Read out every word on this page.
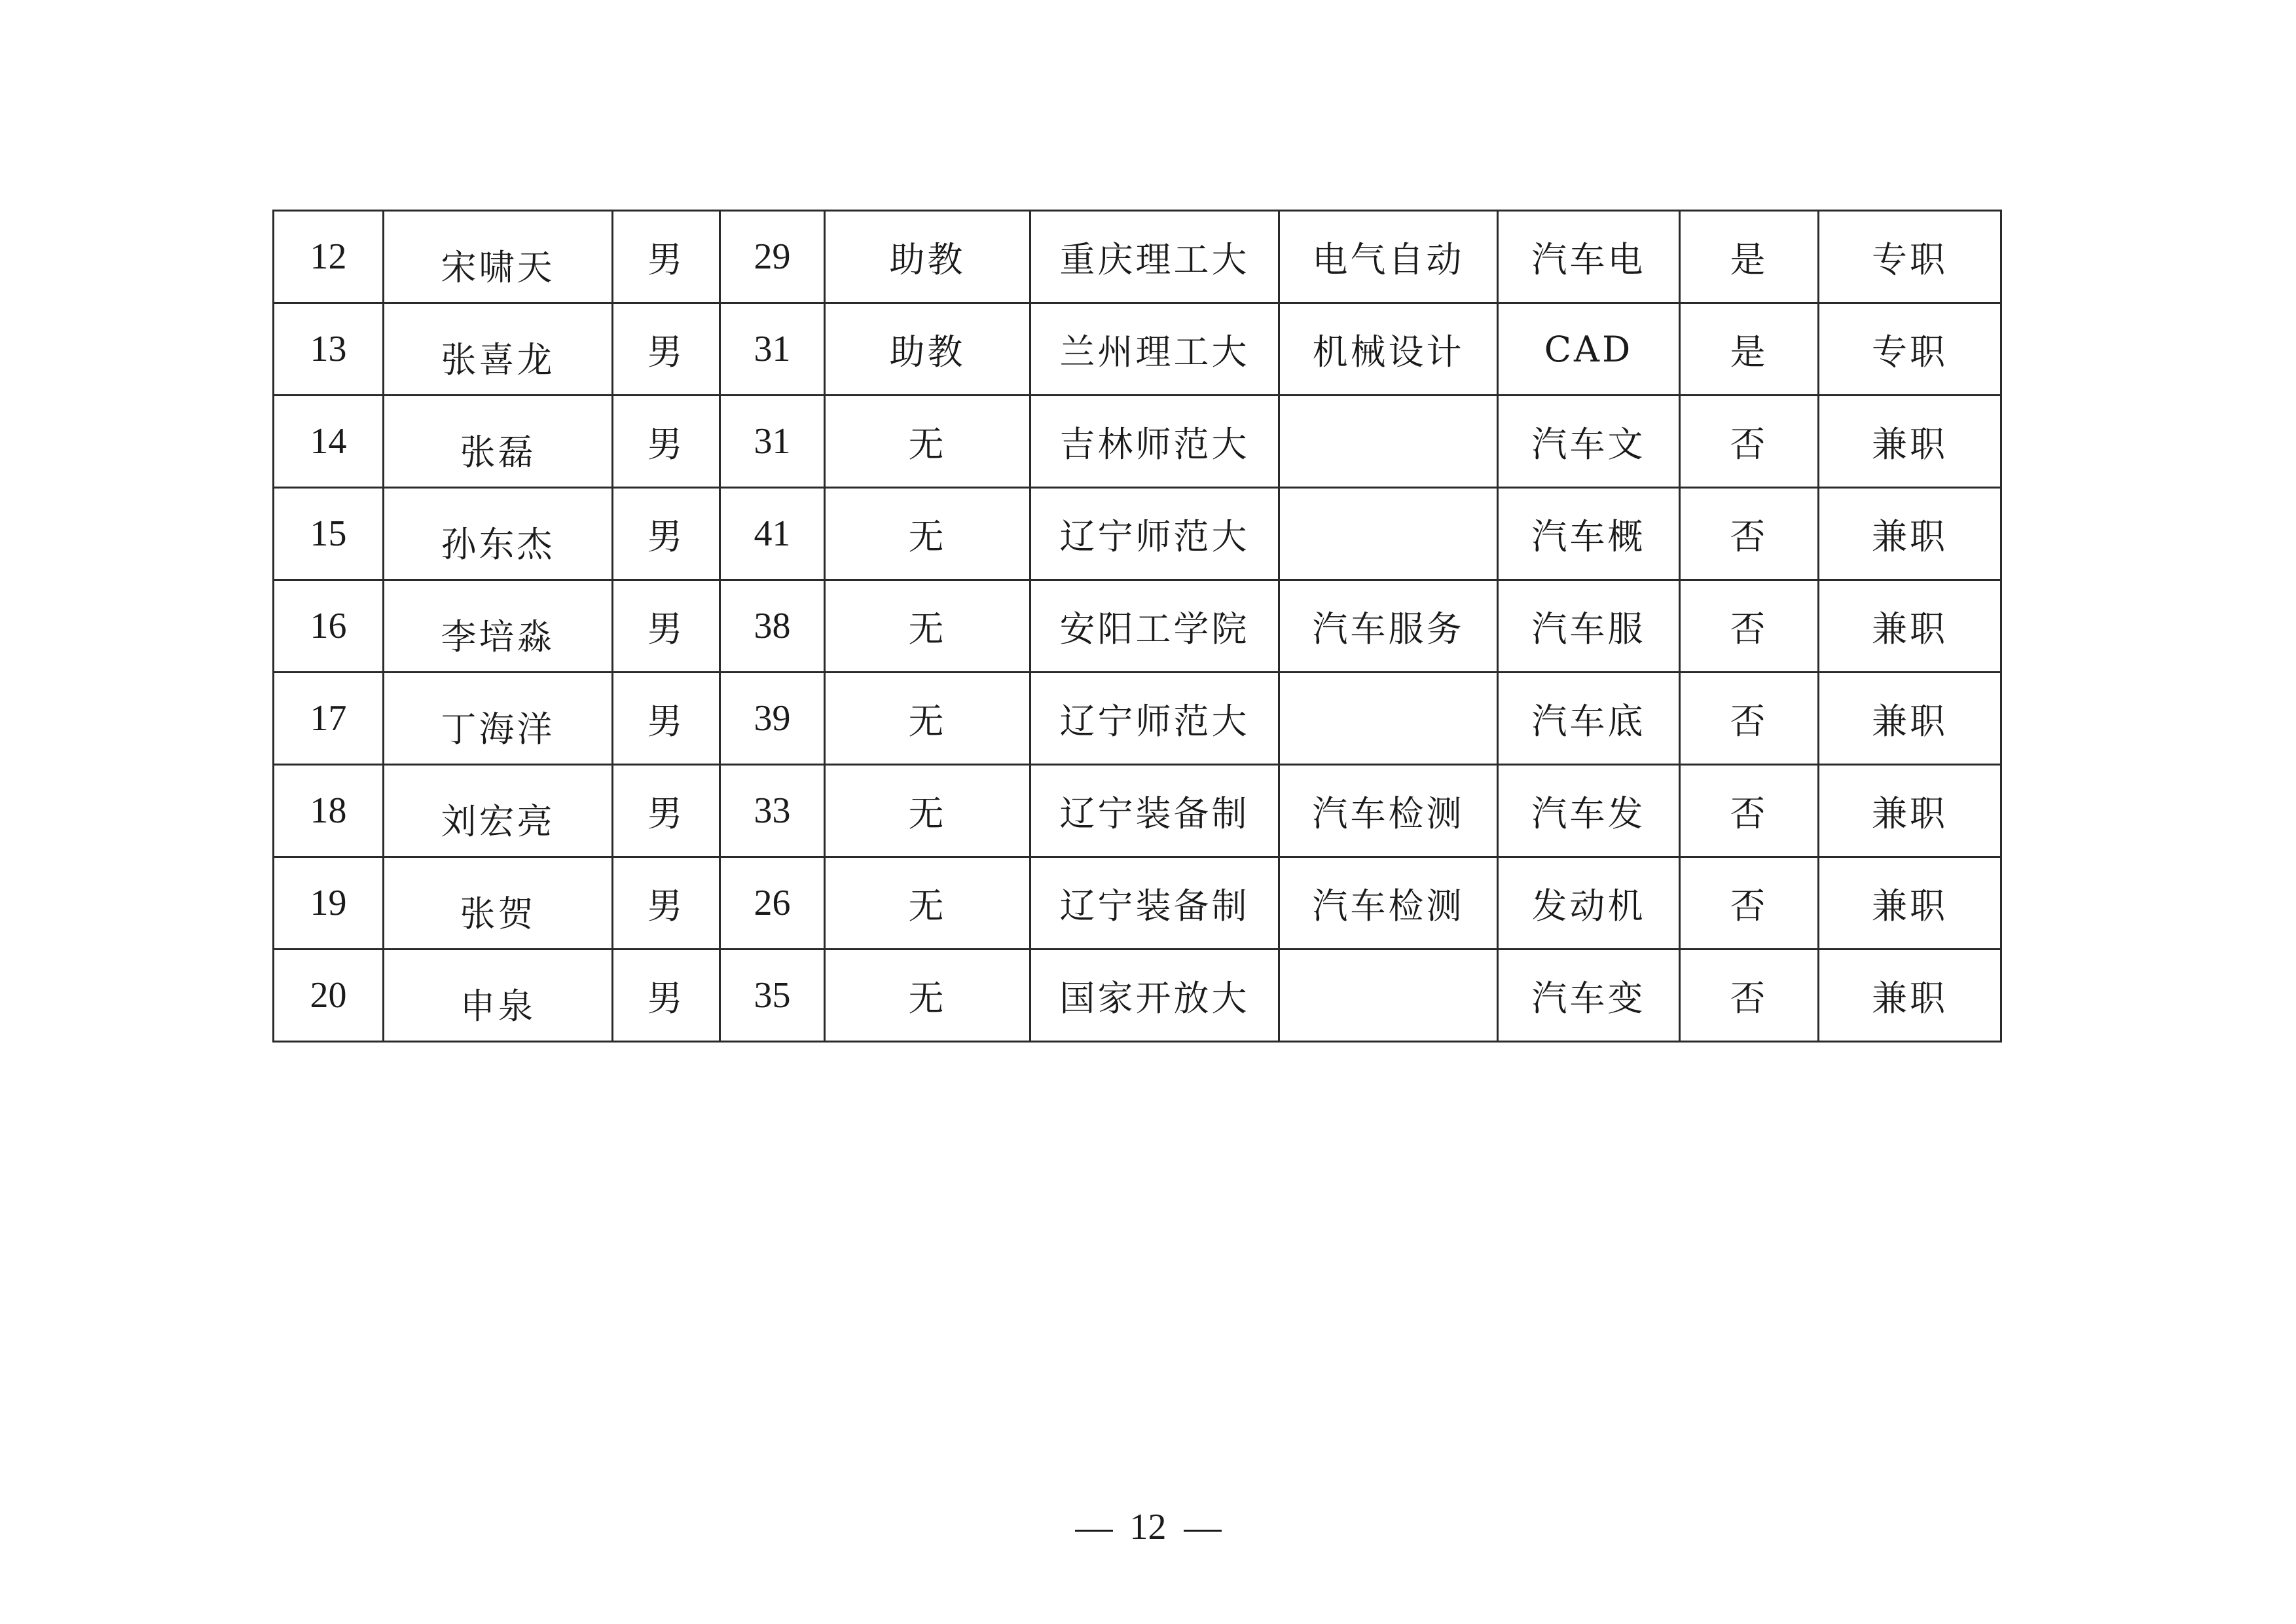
12	宋啸天	男	29	助教	重庆理工大	电气自动	汽车电	是	专职
13	张喜龙	男	31	助教	兰州理工大	机械设计	CAD	是	专职
14	张磊	男	31	无	吉林师范大		汽车文	否	兼职
15	孙东杰	男	41	无	辽宁师范大		汽车概	否	兼职
16	李培淼	男	38	无	安阳工学院	汽车服务	汽车服	否	兼职
17	丁海洋	男	39	无	辽宁师范大		汽车底	否	兼职
18	刘宏亮	男	33	无	辽宁装备制	汽车检测	汽车发	否	兼职
19	张贺	男	26	无	辽宁装备制	汽车检测	发动机	否	兼职
20	申泉	男	35	无	国家开放大		汽车变	否	兼职
12
